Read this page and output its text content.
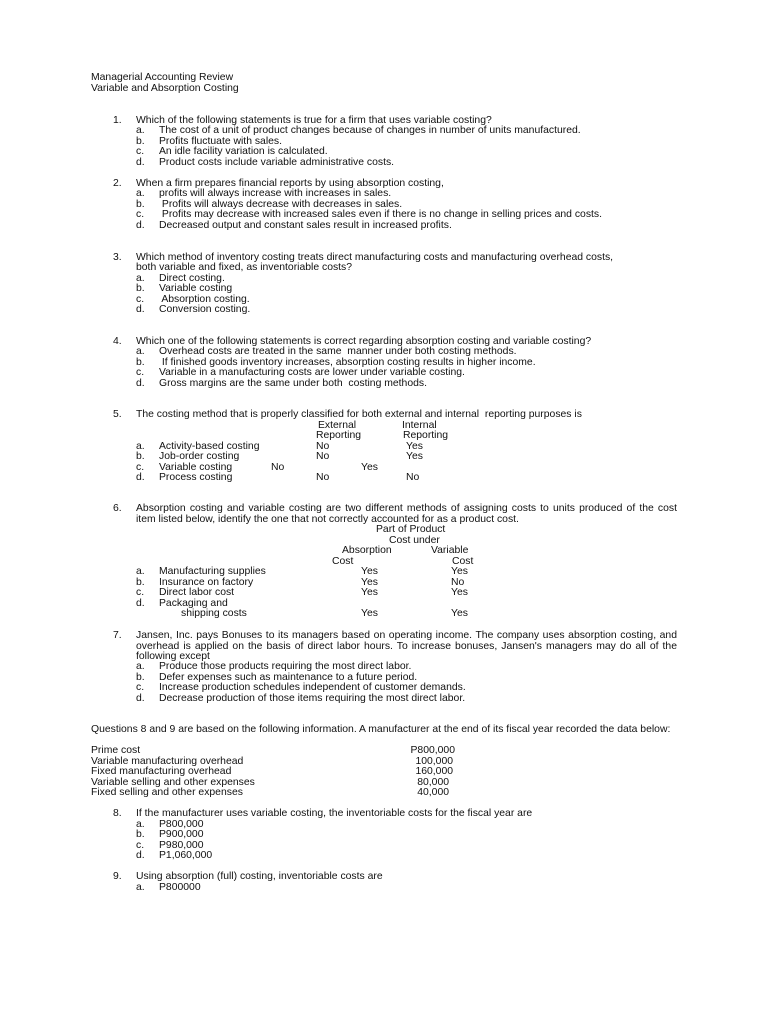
Managerial Accounting Review
Variable and Absorption Costing
1. Which of the following statements is true for a firm that uses variable costing?
a. The cost of a unit of product changes because of changes in number of units manufactured.
b. Profits fluctuate with sales.
c. An idle facility variation is calculated.
d. Product costs include variable administrative costs.
2. When a firm prepares financial reports by using absorption costing,
a. profits will always increase with increases in sales.
b. Profits will always decrease with decreases in sales.
c. Profits may decrease with increased sales even if there is no change in selling prices and costs.
d. Decreased output and constant sales result in increased profits.
3. Which method of inventory costing treats direct manufacturing costs and manufacturing overhead costs,
both variable and fixed, as inventoriable costs?
a. Direct costing.
b. Variable costing
c. Absorption costing.
d. Conversion costing.
4. Which one of the following statements is correct regarding absorption costing and variable costing?
a. Overhead costs are treated in the same  manner under both costing methods.
b. If finished goods inventory increases, absorption costing results in higher income.
c. Variable in a manufacturing costs are lower under variable costing.
d. Gross margins are the same under both  costing methods.
5. The costing method that is properly classified for both external and internal  reporting purposes is
External	Internal
Reporting	Reporting
a. Activity-based costing	No	Yes
b. Job-order costing	No	Yes
c. Variable costing	No	Yes
d. Process costing	No	No
6. Absorption costing and variable costing are two different methods of assigning costs to units produced of the cost item listed below, identify the one that not correctly accounted for as a product cost.
Part of Product
Cost under
Absorption	Variable
Cost	Cost
a. Manufacturing supplies	Yes	Yes
b. Insurance on factory	Yes	No
c. Direct labor cost	Yes	Yes
d. Packaging and
shipping costs	Yes	Yes
7. Jansen, Inc. pays Bonuses to its managers based on operating income. The company uses absorption costing, and overhead is applied on the basis of direct labor hours. To increase bonuses, Jansen's managers may do all of the following except
a. Produce those products requiring the most direct labor.
b. Defer expenses such as maintenance to a future period.
c. Increase production schedules independent of customer demands.
d. Decrease production of those items requiring the most direct labor.
Questions 8 and 9 are based on the following information. A manufacturer at the end of its fiscal year recorded the data below:
Prime cost	P800,000
Variable manufacturing overhead	100,000
Fixed manufacturing overhead	160,000
Variable selling and other expenses	80,000
Fixed selling and other expenses	40,000
8. If the manufacturer uses variable costing, the inventoriable costs for the fiscal year are
a. P800,000
b. P900,000
c. P980,000
d. P1,060,000
9. Using absorption (full) costing, inventoriable costs are
a. P800000
